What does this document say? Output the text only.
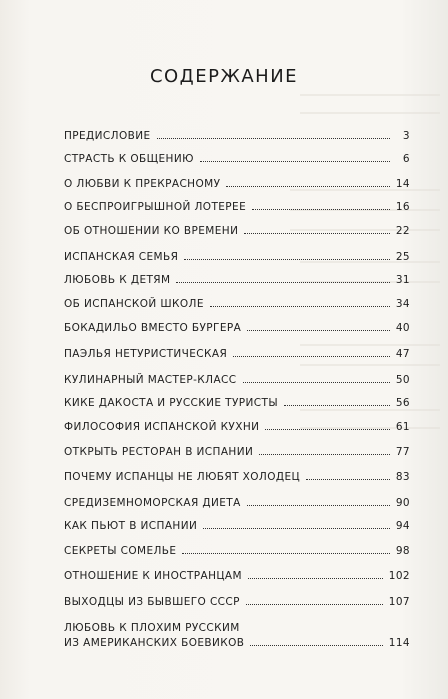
СОДЕРЖАНИЕ
ПРЕДИСЛОВИЕ	3
СТРАСТЬ К ОБЩЕНИЮ	6
О ЛЮБВИ К ПРЕКРАСНОМУ	14
О БЕСПРОИГРЫШНОЙ ЛОТЕРЕЕ	16
ОБ ОТНОШЕНИИ КО ВРЕМЕНИ	22
ИСПАНСКАЯ СЕМЬЯ	25
ЛЮБОВЬ К ДЕТЯМ	31
ОБ ИСПАНСКОЙ ШКОЛЕ	34
БОКАДИЛЬО ВМЕСТО БУРГЕРА	40
ПАЭЛЬЯ НЕТУРИСТИЧЕСКАЯ	47
КУЛИНАРНЫЙ МАСТЕР-КЛАСС	50
КИКЕ ДАКОСТА И РУССКИЕ ТУРИСТЫ	56
ФИЛОСОФИЯ ИСПАНСКОЙ КУХНИ	61
ОТКРЫТЬ РЕСТОРАН В ИСПАНИИ	77
ПОЧЕМУ ИСПАНЦЫ НЕ ЛЮБЯТ ХОЛОДЕЦ	83
СРЕДИЗЕМНОМОРСКАЯ ДИЕТА	90
КАК ПЬЮТ В ИСПАНИИ	94
СЕКРЕТЫ СОМЕЛЬЕ	98
ОТНОШЕНИЕ К ИНОСТРАНЦАМ	102
ВЫХОДЦЫ ИЗ БЫВШЕГО СССР	107
ЛЮБОВЬ К ПЛОХИМ РУССКИМ
ИЗ АМЕРИКАНСКИХ БОЕВИКОВ	114
